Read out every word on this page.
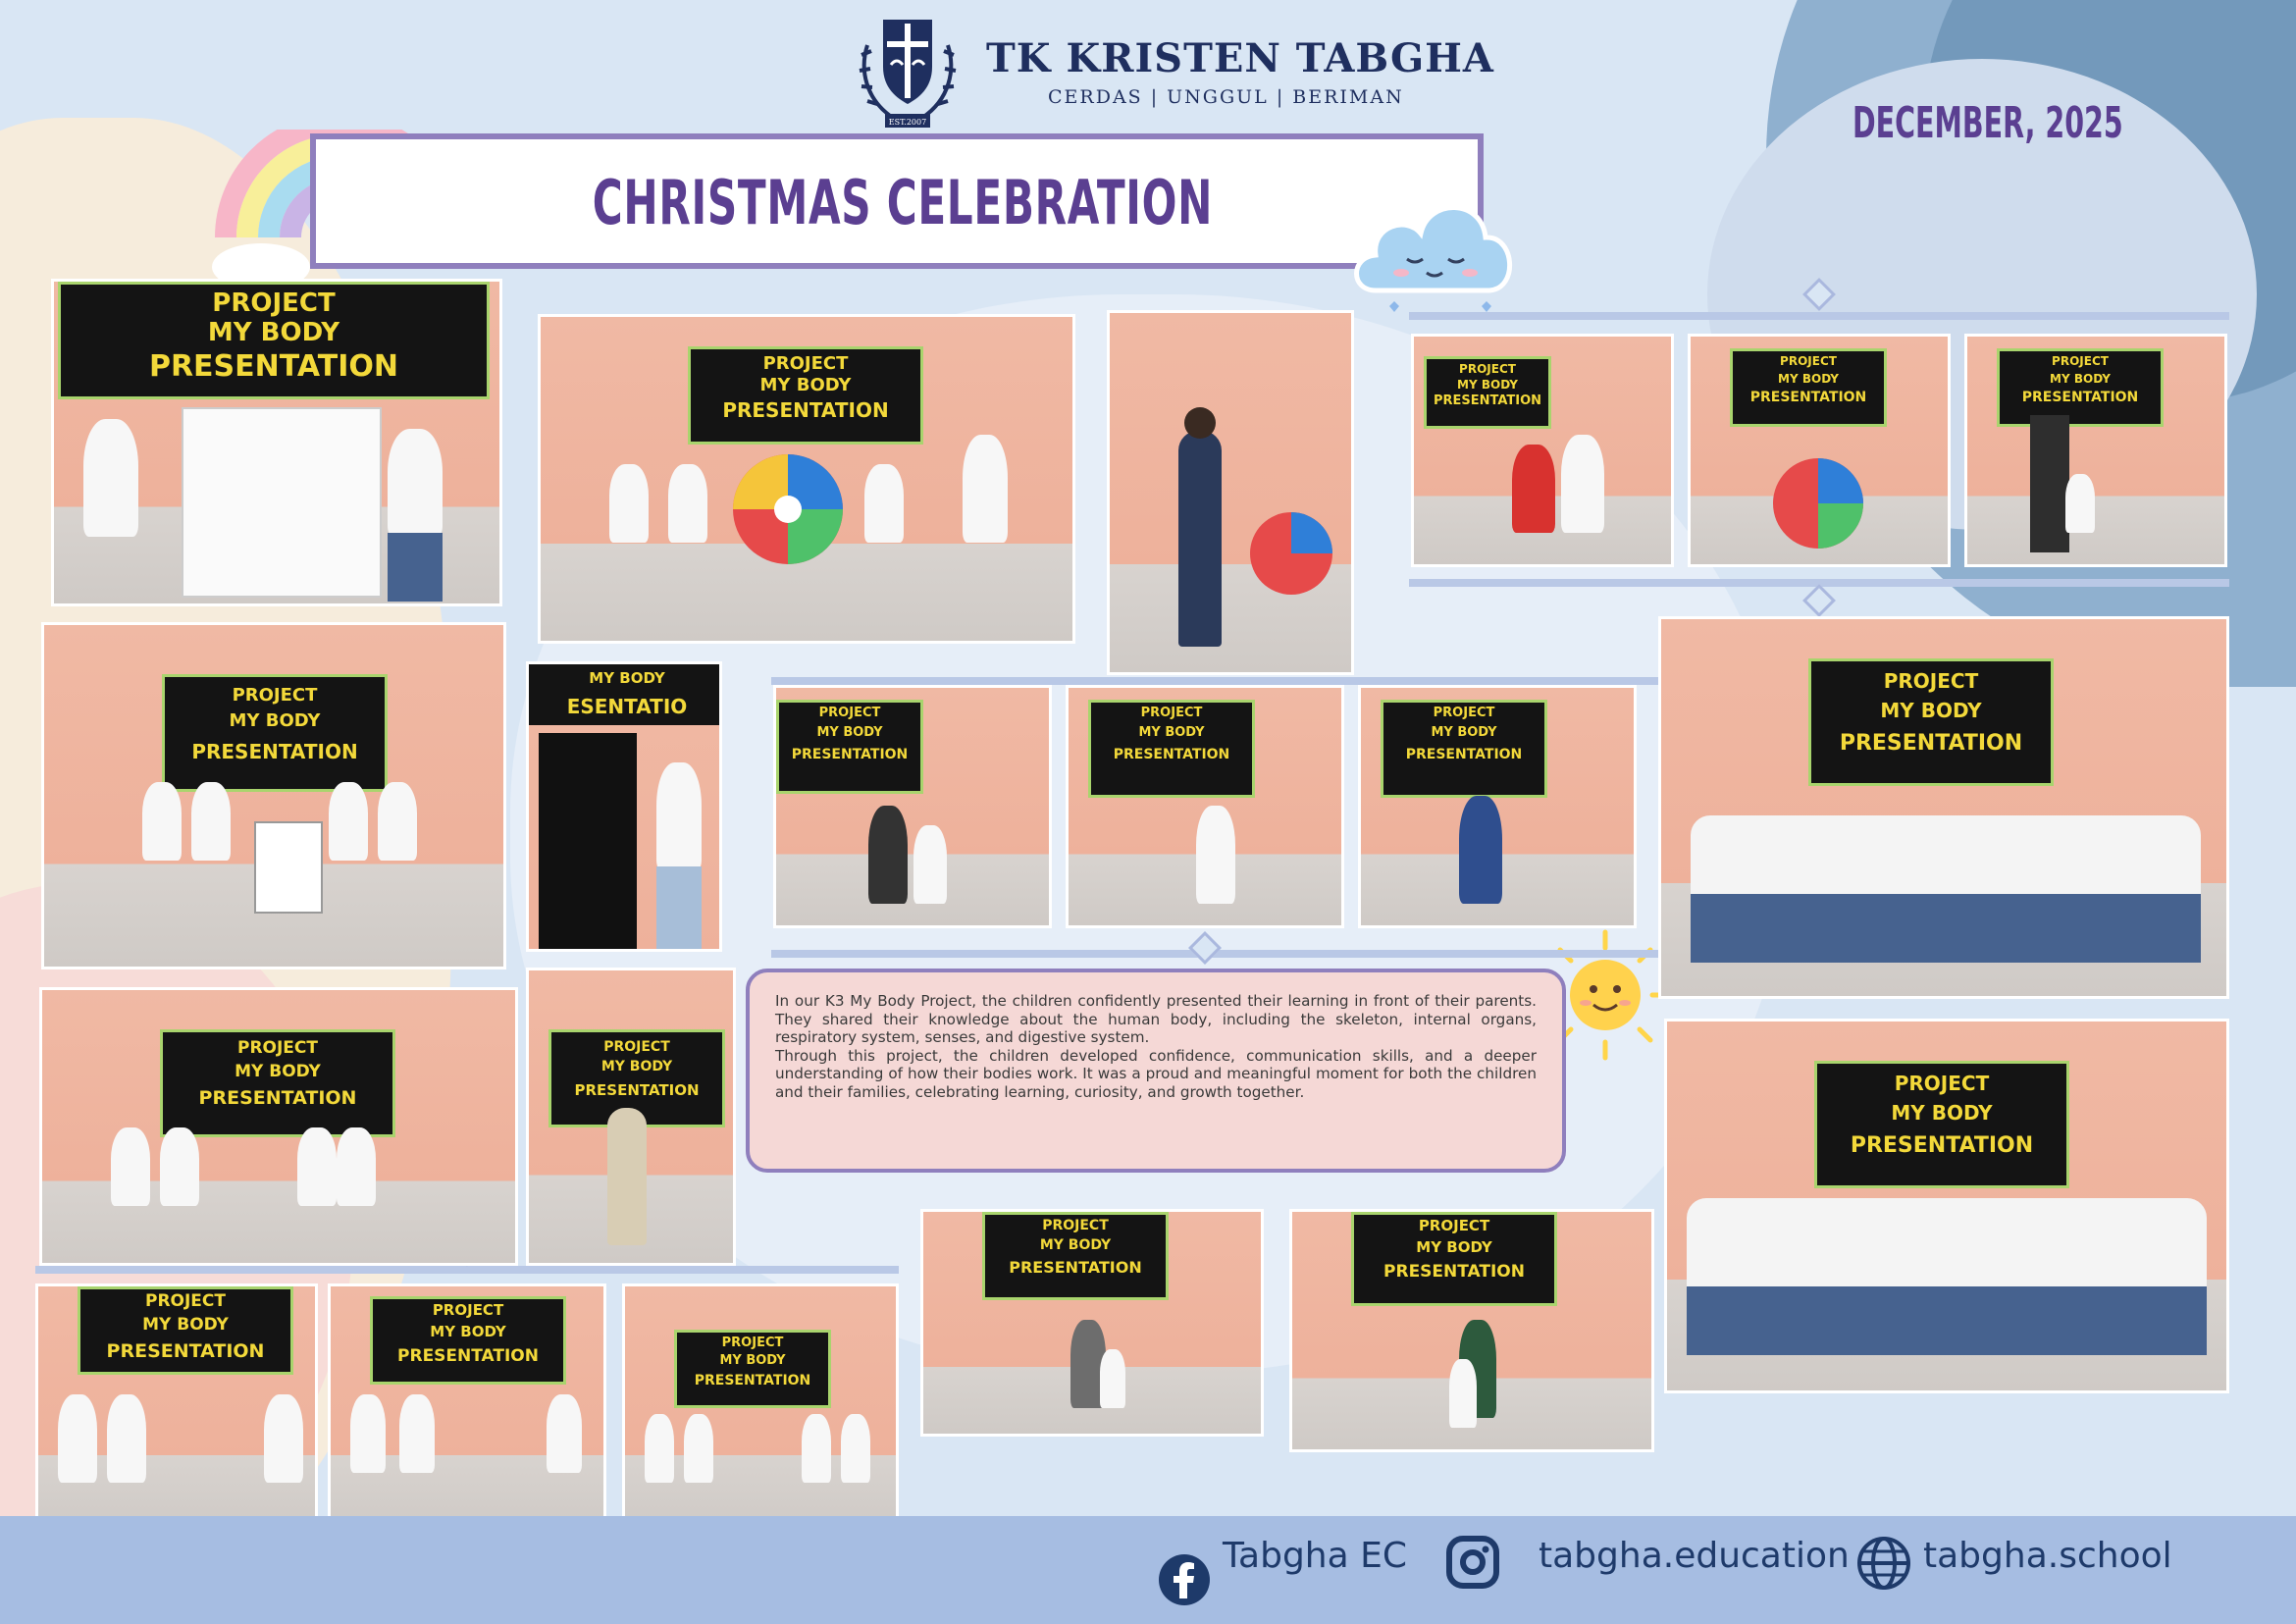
EST.2007
TK KRISTEN TABGHA
CERDAS | UNGGUL | BERIMAN
DECEMBER, 2025
CHRISTMAS CELEBRATION
PROJECT
MY BODY
PRESENTATION	PROJECT
MY BODY
PRESENTATION
PROJECT
MY BODY
PRESENTATION
PROJECT
MY BODY
PRESENTATION
PROJECT
MY BODY
PRESENTATION
PROJECT
MY BODY
PRESENTATION
MY BODY
ESENTATIO	PROJECT
MY BODY
PRESENTATION
PROJECT
MY BODY
PRESENTATION
PROJECT
MY BODY
PRESENTATION
PROJECT
MY BODY
PRESENTATION
PROJECT
MY BODY
PRESENTATION
PROJECT
MY BODY
PRESENTATION
PROJECT
MY BODY
PRESENTATION
PROJECT
MY BODY
PRESENTATION
PROJECT
MY BODY
PRESENTATION
PROJECT
MY BODY
PRESENTATION
PROJECT
MY BODY
PRESENTATION
PROJECT
MY BODY
PRESENTATION

In our K3 My Body Project, the children confidently presented their learning in front of their parents. They shared their knowledge about the human body, including the skeleton, internal organs, respiratory system, senses, and digestive system.

Through this project, the children developed confidence, communication skills, and a deeper understanding of how their bodies work. It was a proud and meaningful moment for both the children and their families, celebrating learning, curiosity, and growth together.

Tabgha EC	tabgha.education tabgha.school
